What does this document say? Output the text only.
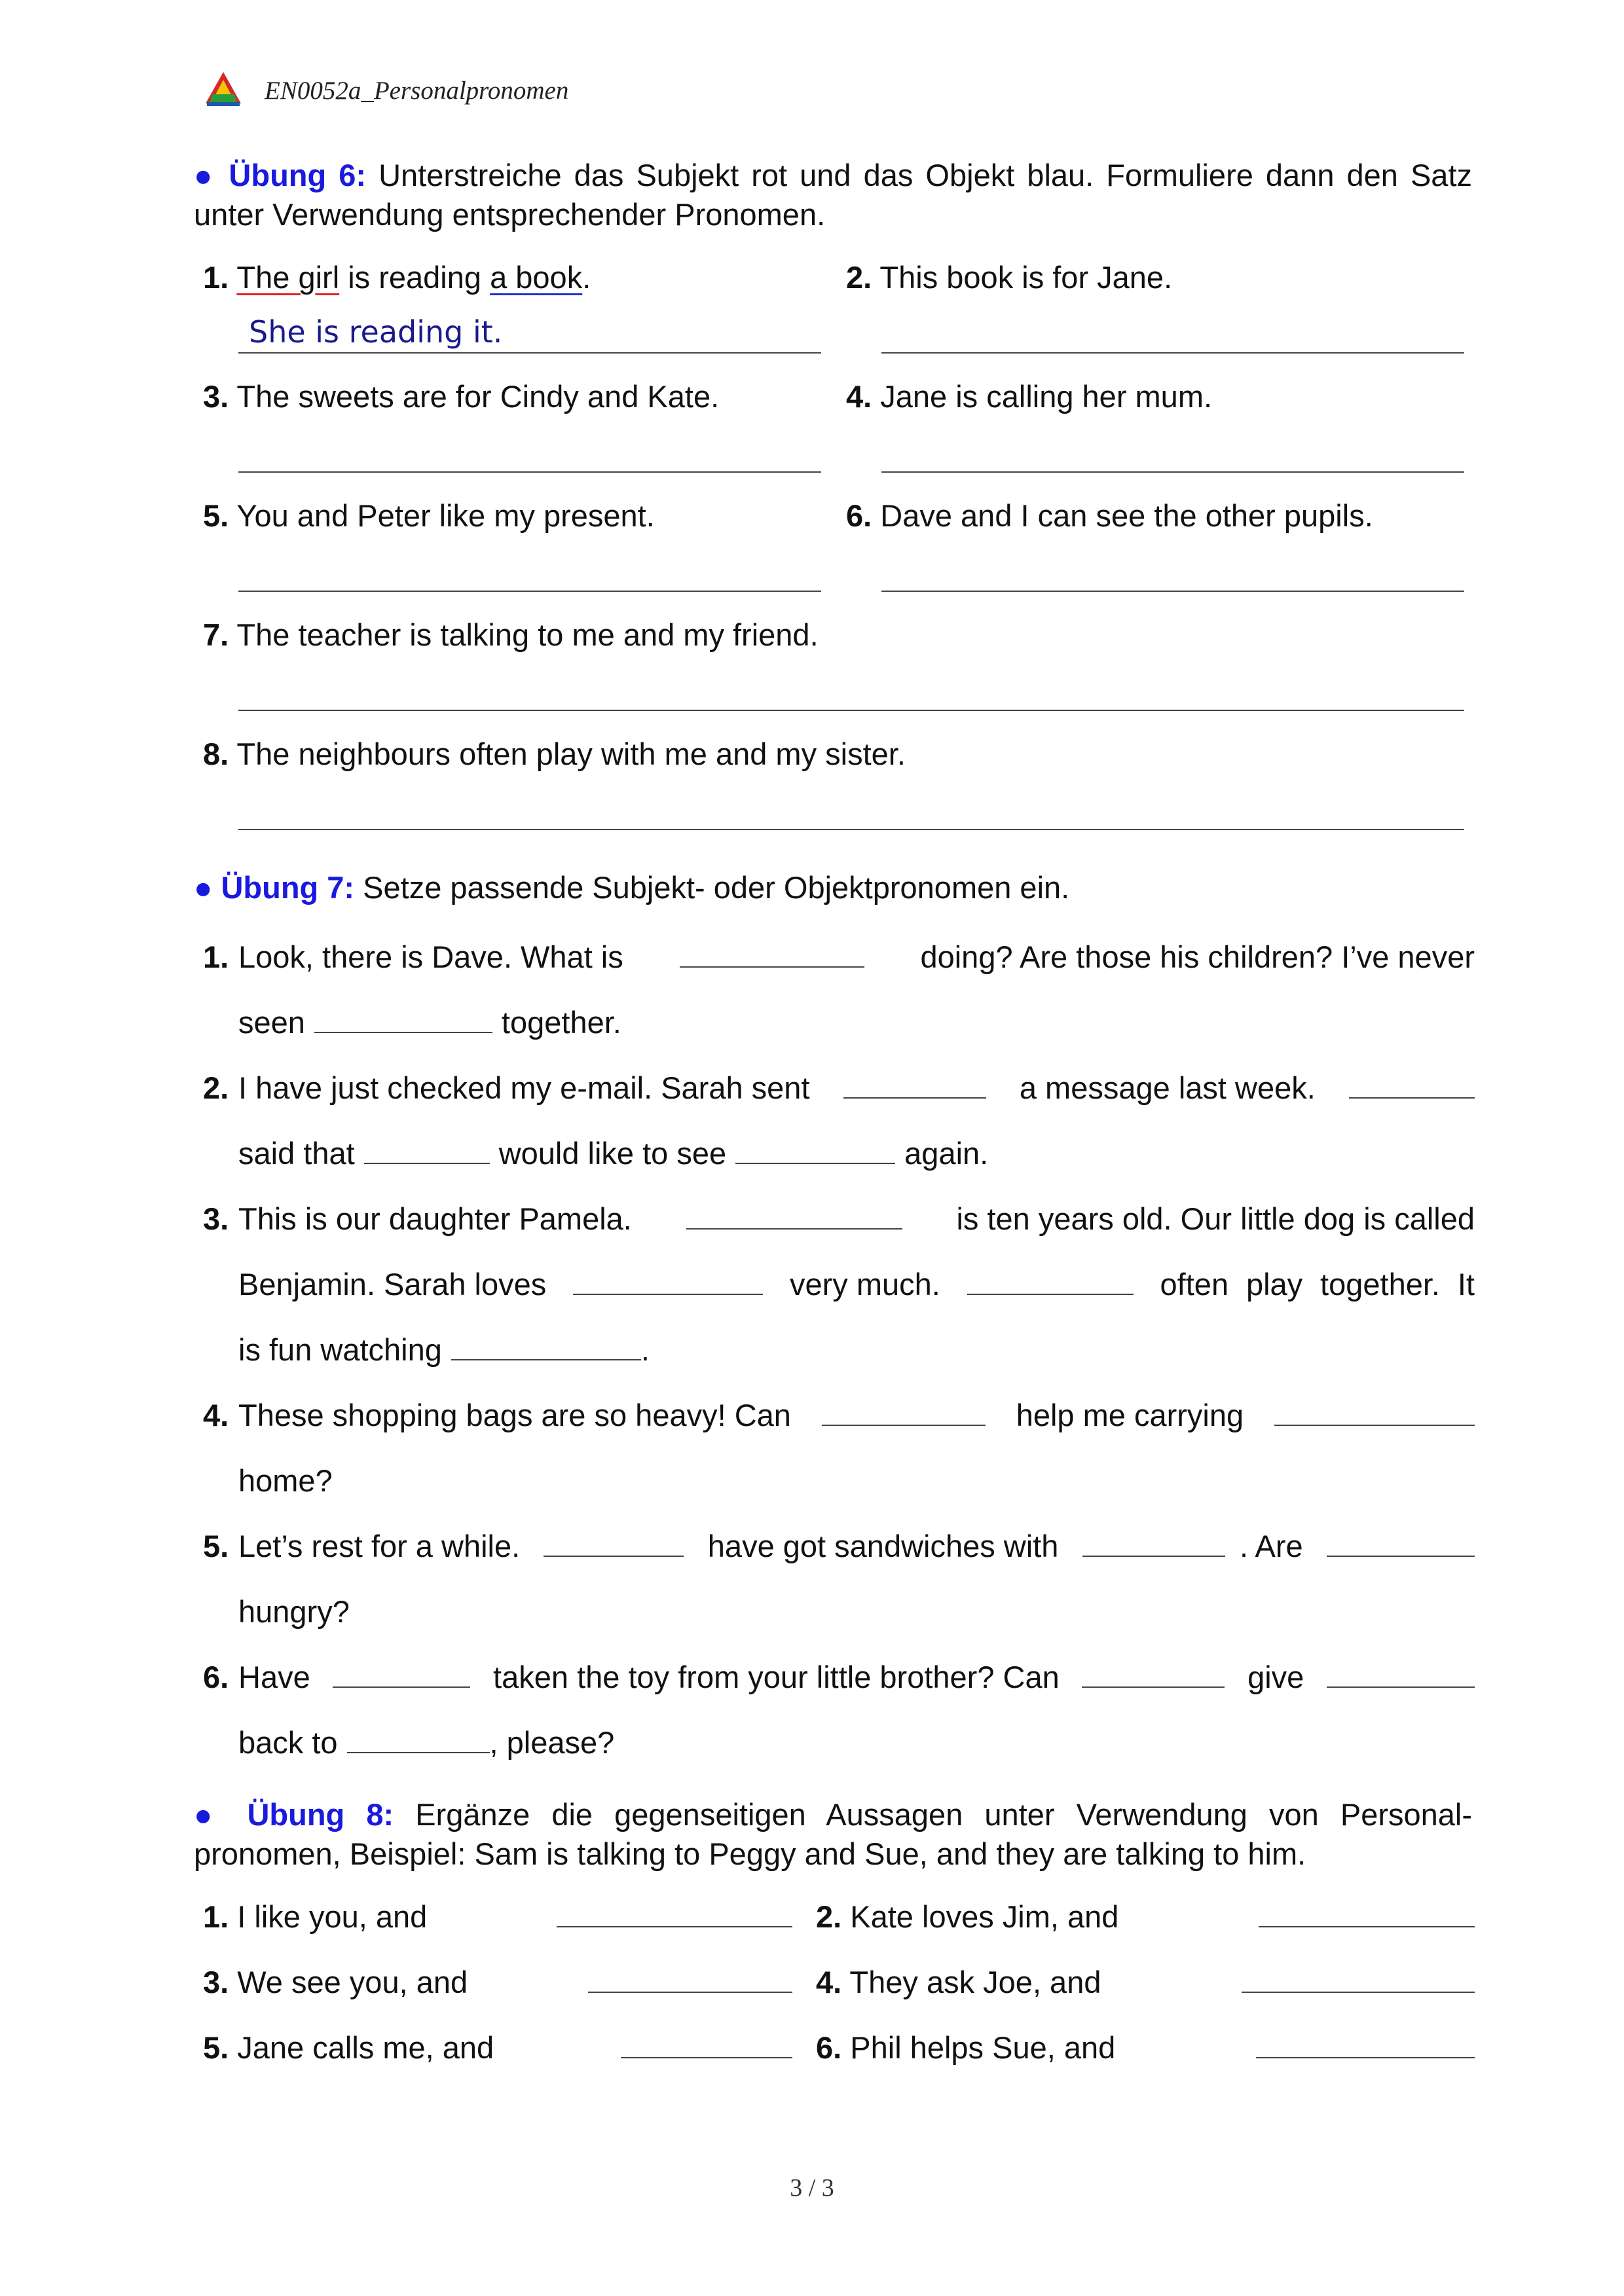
EN0052a_Personalpronomen
● Übung 6: Unterstreiche das Subjekt rot und das Objekt blau. Formuliere dann den Satz unter Verwendung entsprechender Pronomen.
1. The girl is reading a book.
She is reading it.
2. This book is for Jane.
3. The sweets are for Cindy and Kate.	4. Jane is calling her mum.
5. You and Peter like my present.	6. Dave and I can see the other pupils.
7. The teacher is talking to me and my friend.
8. The neighbours often play with me and my sister.
● Übung 7: Setze passende Subjekt- oder Objektpronomen ein.
1. Look, there is Dave. What is	doing? Are those his children? I’ve never
seen	together.
2. I have just checked my e-mail. Sarah sent	a message last week.
said that	would like to see	again.
3. This is our daughter Pamela.	is ten years old. Our little dog is called
Benjamin. Sarah loves	very much.	often play together. It
is fun watching	.
4. These shopping bags are so heavy! Can	help me carrying
home?
5. Let’s rest for a while.	have got sandwiches with	. Are
hungry?
6. Have	taken the toy from your little brother? Can	give
back to	, please?
● Übung 8: Ergänze die gegenseitigen Aussagen unter Verwendung von Personal-pronomen, Beispiel: Sam is talking to Peggy and Sue, and they are talking to him.
1. I like you, and	2. Kate loves Jim, and
3. We see you, and	4. They ask Joe, and
5. Jane calls me, and	6. Phil helps Sue, and
3 / 3
